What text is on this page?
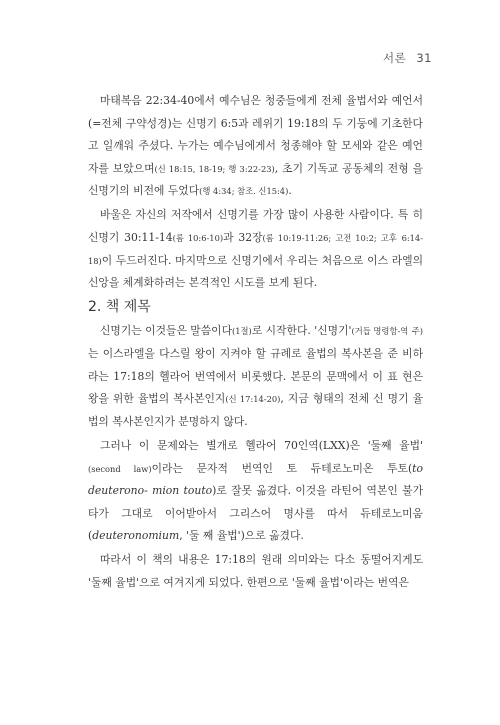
서론 31

마태복음 22:34-40에서 예수님은 청중들에게 전체 율법서와 예언서 (=전체 구약성경)는 신명기 6:5과 레위기 19:18의 두 기둥에 기초한다 고 일깨워 주셨다. 누가는 예수님에게서 청종해야 할 모세와 같은 예언 자를 보았으며(신 18:15, 18-19; 행 3:22-23), 초기 기독교 공동체의 전형 을 신명기의 비전에 두었다(행 4:34; 참조. 신15:4).

바울은 자신의 저작에서 신명기를 가장 많이 사용한 사람이다. 특 히 신명기 30:11-14(롬 10:6-10)과 32장(롬 10:19-11:26; 고전 10:2; 고후 6:14-18)이 두드러진다. 마지막으로 신명기에서 우리는 처음으로 이스 라엘의 신앙을 체계화하려는 본격적인 시도를 보게 된다.

2. 책 제목

신명기는 이것들은 말씀이다(1절)로 시작한다. '신명기'(거듭 명령함-역 주)는 이스라엘을 다스릴 왕이 지켜야 할 규례로 율법의 복사본을 준 비하라는 17:18의 헬라어 번역에서 비롯했다. 본문의 문맥에서 이 표 현은 왕을 위한 율법의 복사본인지(신 17:14-20), 지금 형태의 전체 신 명기 율법의 복사본인지가 분명하지 않다.

그러나 이 문제와는 별개로 헬라어 70인역(LXX)은 '둘째 율법' (second law)이라는 문자적 번역인 토 듀테로노미온 투토(to deuterono- mion touto)로 잘못 옮겼다. 이것을 라틴어 역본인 불가타가 그대로 이어받아서 그리스어 명사를 따서 듀테로노미움(deuteronomium, '둘 째 율법')으로 옮겼다.

따라서 이 책의 내용은 17:18의 원래 의미와는 다소 동떨어지게도 '둘째 율법'으로 여겨지게 되었다. 한편으로 '둘째 율법'이라는 번역은
